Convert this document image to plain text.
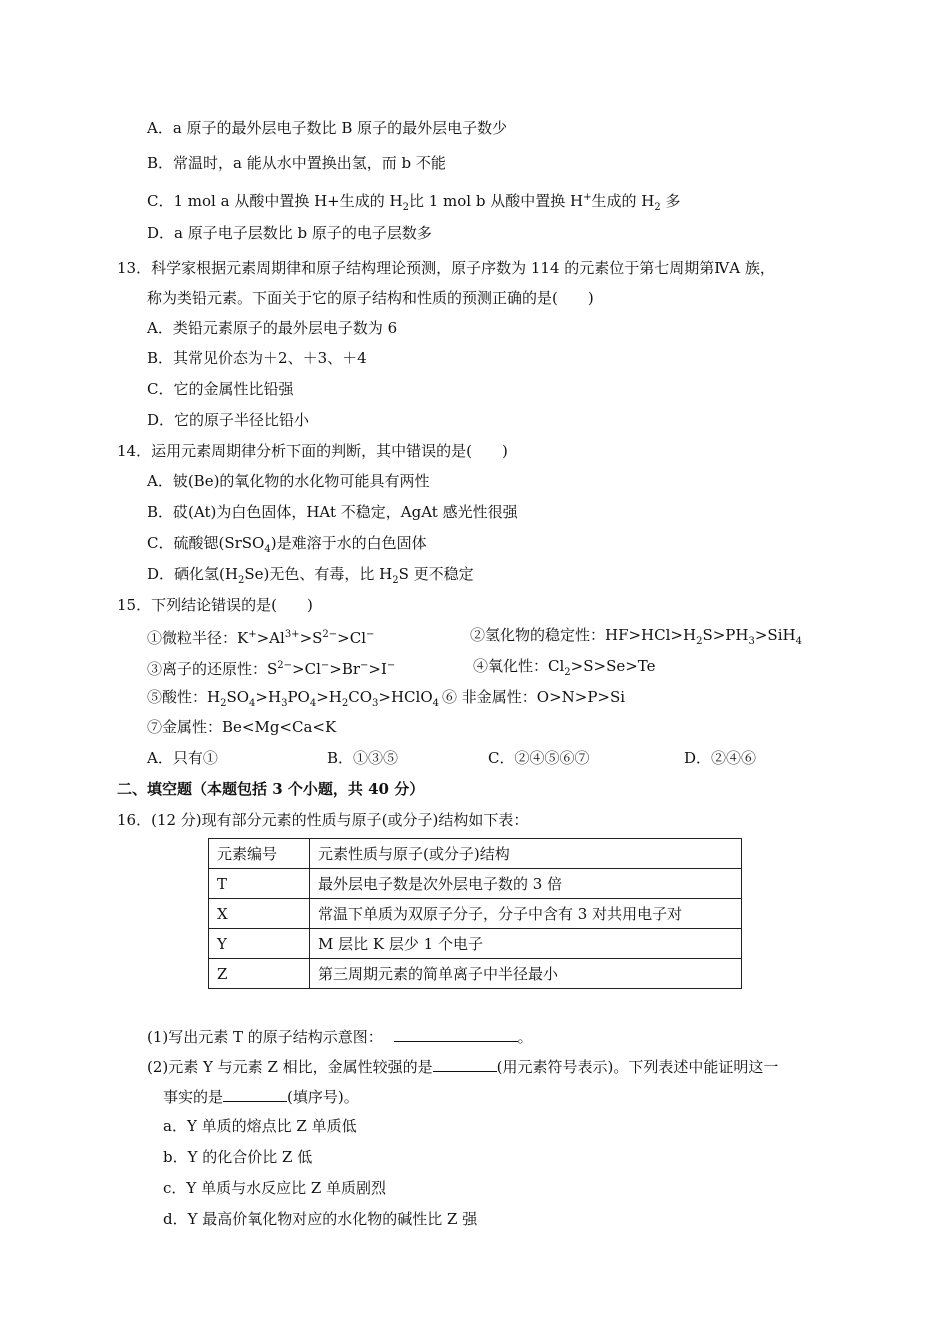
A．a 原子的最外层电子数比 B 原子的最外层电子数少
B．常温时，a 能从水中置换出氢，而 b 不能
C．1 mol a 从酸中置换 H+生成的 $H_2$比 1 mol b 从酸中置换 H+生成的 $H_2$ 多
D．a 原子电子层数比 b 原子的电子层数多
13．科学家根据元素周期律和原子结构理论预测，原子序数为 114 的元素位于第七周期第ⅣA 族，
称为类铅元素。下面关于它的原子结构和性质的预测正确的是(　　)
A．类铅元素原子的最外层电子数为 6
B．其常见价态为＋2、＋3、＋4
C．它的金属性比铅强
D．它的原子半径比铅小
14．运用元素周期律分析下面的判断，其中错误的是(　　)
A．铍(Be)的氧化物的水化物可能具有两性
B．砹(At)为白色固体，HAt 不稳定，AgAt 感光性很强
C．硫酸锶(SrSO$_4$)是难溶于水的白色固体
D．硒化氢$(H_2Se)$无色、有毒，比 $H_2S$ 更不稳定
15．下列结论错误的是(　　)
①微粒半径：$K^+>Al^{3+}>S^{2-}>Cl^-$	②氢化物的稳定性：$HF>HCl>H_2S>PH_3>SiH_4$
③离子的还原性：$S^{2-}>Cl^->Br^->I^-$	④氧化性：$Cl_2>S>Se>Te$
⑤酸性：$H_2SO_4>H_3PO_4>H_2CO_3>HClO_4$ ⑥ 非金属性：O>N>P>Si
⑦金属性：Be<Mg<Ca<K
A．只有①	B．①③⑤	C．②④⑤⑥⑦	D．②④⑥
二、填空题（本题包括 3 个小题，共 40 分）
16．(12 分)现有部分元素的性质与原子(或分子)结构如下表：
元素编号	元素性质与原子(或分子)结构
T	最外层电子数是次外层电子数的 3 倍
X	常温下单质为双原子分子，分子中含有 3 对共用电子对
Y	M 层比 K 层少 1 个电子
Z	第三周期元素的简单离子中半径最小
(1)写出元素 T 的原子结构示意图：	。
(2)元素 Y 与元素 Z 相比，金属性较强的是	(用元素符号表示)。下列表述中能证明这一
事实的是	(填序号)。
a．Y 单质的熔点比 Z 单质低
b．Y 的化合价比 Z 低
c．Y 单质与水反应比 Z 单质剧烈
d．Y 最高价氧化物对应的水化物的碱性比 Z 强
